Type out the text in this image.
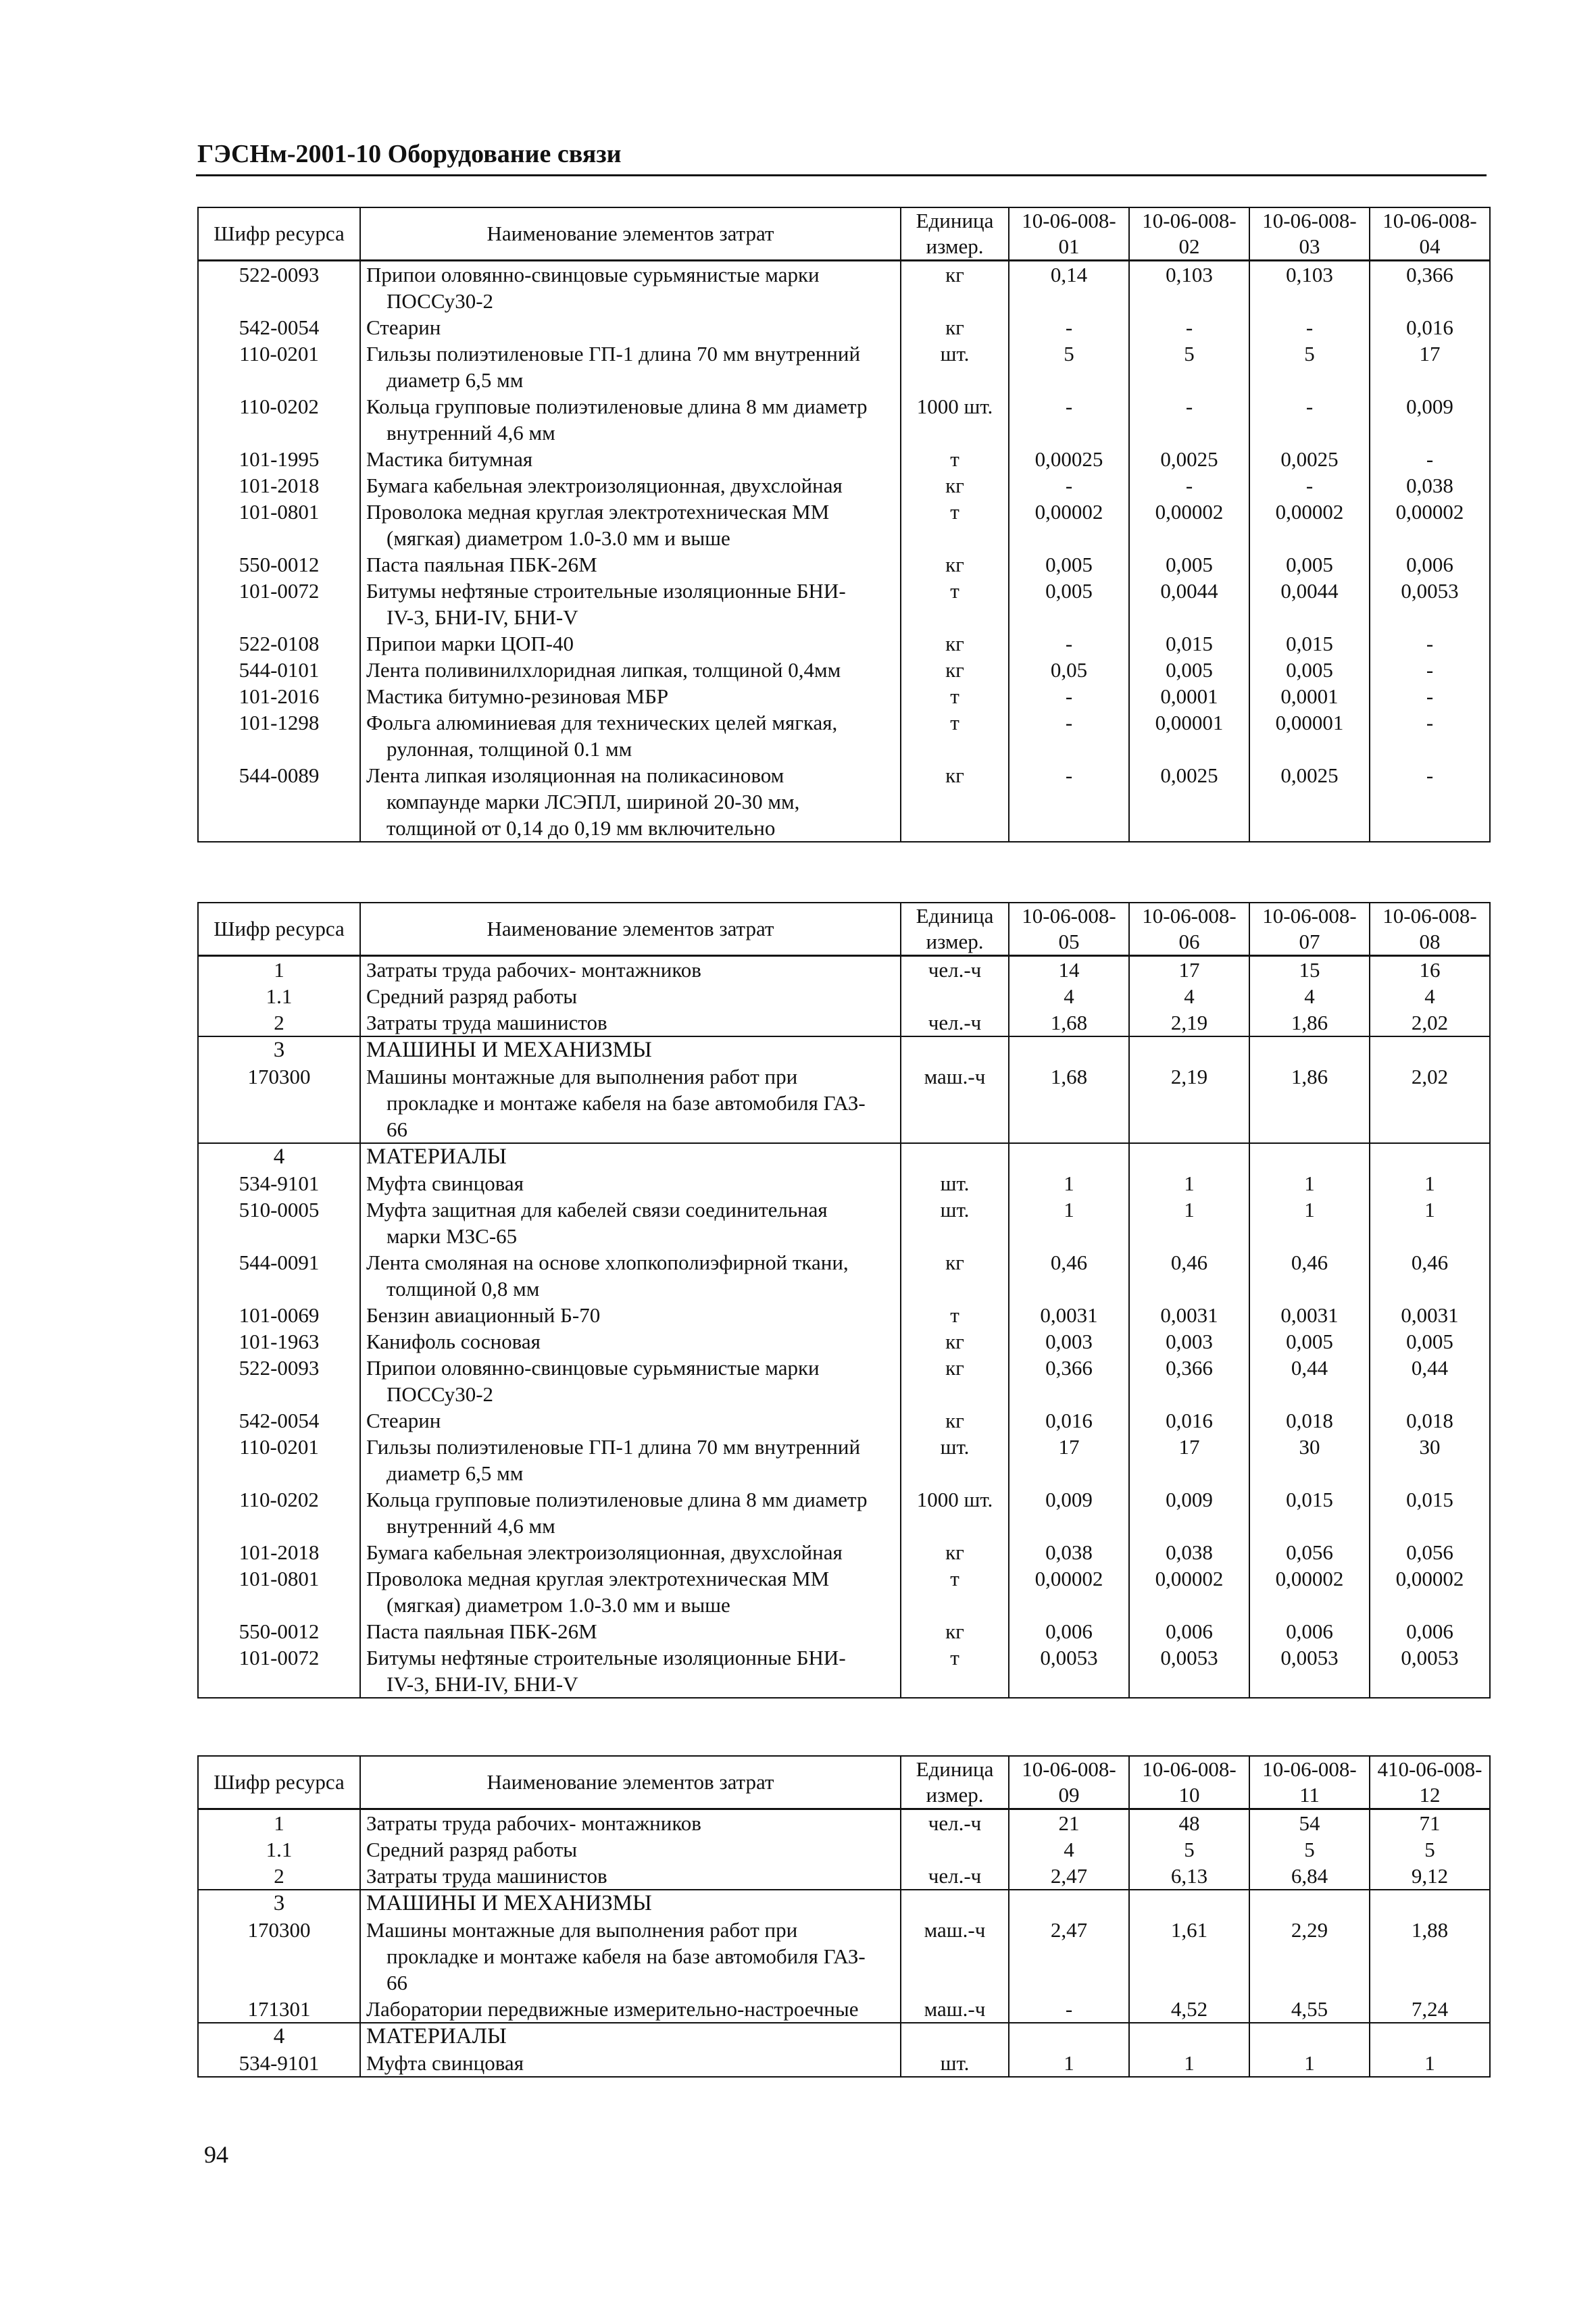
ГЭСНм-2001-10 Оборудование связи
Шифр ресурса	Наименование элементов затрат	Единица измер.	10-06-008-01	10-06-008-02	10-06-008-03	10-06-008-04
522-0093	Припои оловянно-свинцовые сурьмянистые марки
ПОССу30-2	кг	0,14	0,103	0,103	0,366
542-0054	Стеарин	кг	-	-	-	0,016
110-0201	Гильзы полиэтиленовые ГП-1 длина 70 мм внутренний
диаметр 6,5 мм	шт.	5	5	5	17
110-0202	Кольца групповые полиэтиленовые длина 8 мм диаметр
внутренний 4,6 мм	1000 шт.	-	-	-	0,009
101-1995	Мастика битумная	т	0,00025	0,0025	0,0025	-
101-2018	Бумага кабельная электроизоляционная, двухслойная	кг	-	-	-	0,038
101-0801	Проволока медная круглая электротехническая ММ
(мягкая) диаметром 1.0-3.0 мм и выше	т	0,00002	0,00002	0,00002	0,00002
550-0012	Паста паяльная ПБК-26М	кг	0,005	0,005	0,005	0,006
101-0072	Битумы нефтяные строительные изоляционные БНИ-
IV-3, БНИ-IV, БНИ-V	т	0,005	0,0044	0,0044	0,0053
522-0108	Припои марки ЦОП-40	кг	-	0,015	0,015	-
544-0101	Лента поливинилхлоридная липкая, толщиной 0,4мм	кг	0,05	0,005	0,005	-
101-2016	Мастика битумно-резиновая МБР	т	-	0,0001	0,0001	-
101-1298	Фольга алюминиевая для технических целей мягкая,
рулонная, толщиной 0.1 мм	т	-	0,00001	0,00001	-
544-0089	Лента липкая изоляционная на поликасиновом
компаунде марки ЛСЭПЛ, шириной 20-30 мм,
толщиной от 0,14 до 0,19 мм включительно	кг	-	0,0025	0,0025	-
Шифр ресурса	Наименование элементов затрат	Единица измер.	10-06-008-05	10-06-008-06	10-06-008-07	10-06-008-08
1	Затраты труда рабочих- монтажников	чел.-ч	14	17	15	16
1.1	Средний разряд работы		4	4	4	4
2	Затраты труда машинистов	чел.-ч	1,68	2,19	1,86	2,02
3	МАШИНЫ И МЕХАНИЗМЫ					
170300	Машины монтажные для выполнения работ при
прокладке и монтаже кабеля на базе автомобиля ГАЗ-
66	маш.-ч	1,68	2,19	1,86	2,02
4	МАТЕРИАЛЫ					
534-9101	Муфта свинцовая	шт.	1	1	1	1
510-0005	Муфта защитная для кабелей связи соединительная
марки МЗС-65	шт.	1	1	1	1
544-0091	Лента смоляная на основе хлопкополиэфирной ткани,
толщиной 0,8 мм	кг	0,46	0,46	0,46	0,46
101-0069	Бензин авиационный Б-70	т	0,0031	0,0031	0,0031	0,0031
101-1963	Канифоль сосновая	кг	0,003	0,003	0,005	0,005
522-0093	Припои оловянно-свинцовые сурьмянистые марки
ПОССу30-2	кг	0,366	0,366	0,44	0,44
542-0054	Стеарин	кг	0,016	0,016	0,018	0,018
110-0201	Гильзы полиэтиленовые ГП-1 длина 70 мм внутренний
диаметр 6,5 мм	шт.	17	17	30	30
110-0202	Кольца групповые полиэтиленовые длина 8 мм диаметр
внутренний 4,6 мм	1000 шт.	0,009	0,009	0,015	0,015
101-2018	Бумага кабельная электроизоляционная, двухслойная	кг	0,038	0,038	0,056	0,056
101-0801	Проволока медная круглая электротехническая ММ
(мягкая) диаметром 1.0-3.0 мм и выше	т	0,00002	0,00002	0,00002	0,00002
550-0012	Паста паяльная ПБК-26М	кг	0,006	0,006	0,006	0,006
101-0072	Битумы нефтяные строительные изоляционные БНИ-
IV-3, БНИ-IV, БНИ-V	т	0,0053	0,0053	0,0053	0,0053
Шифр ресурса	Наименование элементов затрат	Единица измер.	10-06-008-09	10-06-008-10	10-06-008-11	410-06-008-12
1	Затраты труда рабочих- монтажников	чел.-ч	21	48	54	71
1.1	Средний разряд работы		4	5	5	5
2	Затраты труда машинистов	чел.-ч	2,47	6,13	6,84	9,12
3	МАШИНЫ И МЕХАНИЗМЫ					
170300	Машины монтажные для выполнения работ при
прокладке и монтаже кабеля на базе автомобиля ГАЗ-
66	маш.-ч	2,47	1,61	2,29	1,88
171301	Лаборатории передвижные измерительно-настроечные	маш.-ч	-	4,52	4,55	7,24
4	МАТЕРИАЛЫ					
534-9101	Муфта свинцовая	шт.	1	1	1	1
94
